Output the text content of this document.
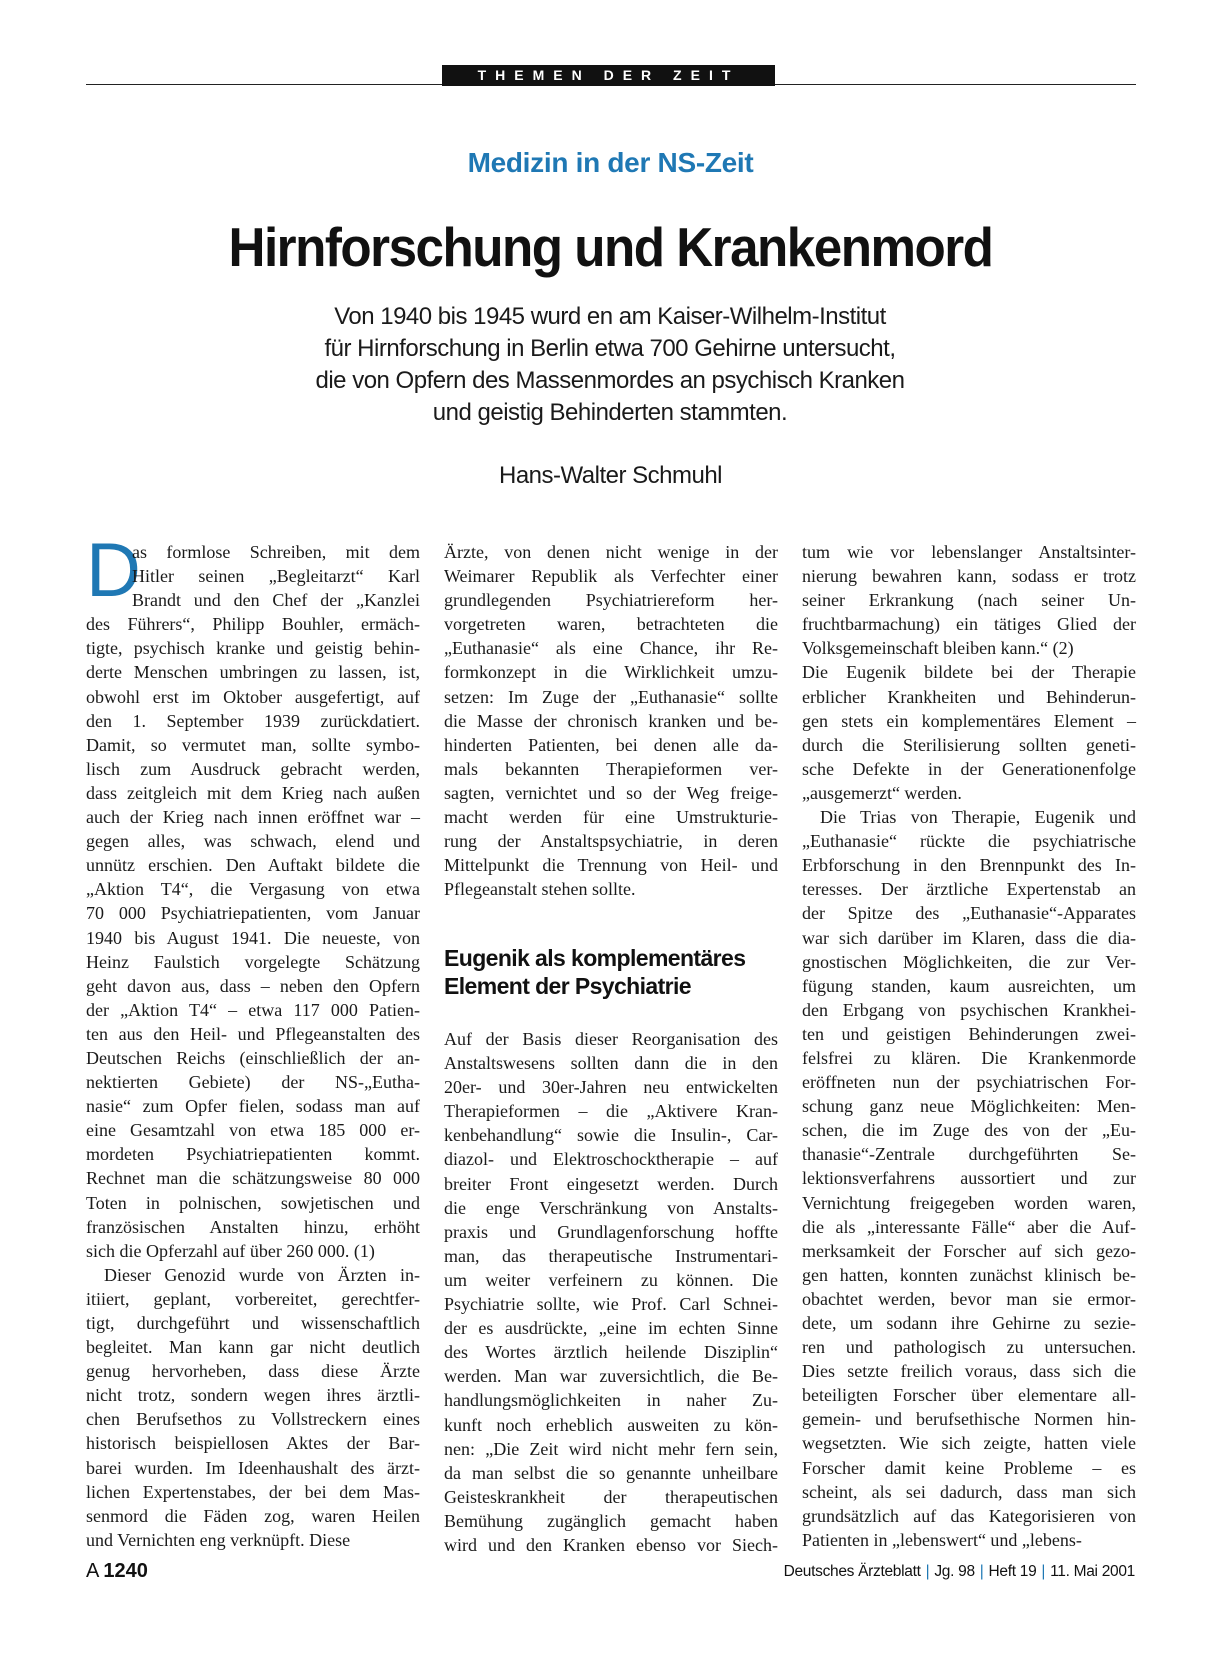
THEMEN DER ZEIT
Medizin in der NS-Zeit
Hirnforschung und Krankenmord
Von 1940 bis 1945 wurd en am Kaiser-Wilhelm-Institut
für Hirnforschung in Berlin etwa 700 Gehirne untersucht,
die von Opfern des Massenmordes an psychisch Kranken
und geistig Behinderten stammten.
Hans-Walter Schmuhl
D
as formlose Schreiben, mit dem
Hitler seinen „Begleitarzt“ Karl
Brandt und den Chef der „Kanzlei
des Führers“, Philipp Bouhler, ermäch-
tigte, psychisch kranke und geistig behin-
derte Menschen umbringen zu lassen, ist,
obwohl erst im Oktober ausgefertigt, auf
den 1. September 1939 zurückdatiert.
Damit, so vermutet man, sollte symbo-
lisch zum Ausdruck gebracht werden,
dass zeitgleich mit dem Krieg nach außen
auch der Krieg nach innen eröffnet war –
gegen alles, was schwach, elend und
unnütz erschien. Den Auftakt bildete die
„Aktion T4“, die Vergasung von etwa
70 000 Psychiatriepatienten, vom Januar
1940 bis August 1941. Die neueste, von
Heinz Faulstich vorgelegte Schätzung
geht davon aus, dass – neben den Opfern
der „Aktion T4“ – etwa 117 000 Patien-
ten aus den Heil- und Pflegeanstalten des
Deutschen Reichs (einschließlich der an-
nektierten Gebiete) der NS-„Eutha-
nasie“ zum Opfer fielen, sodass man auf
eine Gesamtzahl von etwa 185 000 er-
mordeten Psychiatriepatienten kommt.
Rechnet man die schätzungsweise 80 000
Toten in polnischen, sowjetischen und
französischen Anstalten hinzu, erhöht
sich die Opferzahl auf über 260 000. (1)
Dieser Genozid wurde von Ärzten in-
itiiert, geplant, vorbereitet, gerechtfer-
tigt, durchgeführt und wissenschaftlich
begleitet. Man kann gar nicht deutlich
genug hervorheben, dass diese Ärzte
nicht trotz, sondern wegen ihres ärztli-
chen Berufsethos zu Vollstreckern eines
historisch beispiellosen Aktes der Bar-
barei wurden. Im Ideenhaushalt des ärzt-
lichen Expertenstabes, der bei dem Mas-
senmord die Fäden zog, waren Heilen
und Vernichten eng verknüpft. Diese
Ärzte, von denen nicht wenige in der
Weimarer Republik als Verfechter einer
grundlegenden Psychiatriereform her-
vorgetreten waren, betrachteten die
„Euthanasie“ als eine Chance, ihr Re-
formkonzept in die Wirklichkeit umzu-
setzen: Im Zuge der „Euthanasie“ sollte
die Masse der chronisch kranken und be-
hinderten Patienten, bei denen alle da-
mals bekannten Therapieformen ver-
sagten, vernichtet und so der Weg freige-
macht werden für eine Umstrukturie-
rung der Anstaltspsychiatrie, in deren
Mittelpunkt die Trennung von Heil- und
Pflegeanstalt stehen sollte.
Eugenik als komplementäres
Element der Psychiatrie
Auf der Basis dieser Reorganisation des
Anstaltswesens sollten dann die in den
20er- und 30er-Jahren neu entwickelten
Therapieformen – die „Aktivere Kran-
kenbehandlung“ sowie die Insulin-, Car-
diazol- und Elektroschocktherapie – auf
breiter Front eingesetzt werden. Durch
die enge Verschränkung von Anstalts-
praxis und Grundlagenforschung hoffte
man, das therapeutische Instrumentari-
um weiter verfeinern zu können. Die
Psychiatrie sollte, wie Prof. Carl Schnei-
der es ausdrückte, „eine im echten Sinne
des Wortes ärztlich heilende Disziplin“
werden. Man war zuversichtlich, die Be-
handlungsmöglichkeiten in naher Zu-
kunft noch erheblich ausweiten zu kön-
nen: „Die Zeit wird nicht mehr fern sein,
da man selbst die so genannte unheilbare
Geisteskrankheit der therapeutischen
Bemühung zugänglich gemacht haben
wird und den Kranken ebenso vor Siech-
tum wie vor lebenslanger Anstaltsinter-
nierung bewahren kann, sodass er trotz
seiner Erkrankung (nach seiner Un-
fruchtbarmachung) ein tätiges Glied der
Volksgemeinschaft bleiben kann.“ (2)
Die Eugenik bildete bei der Therapie
erblicher Krankheiten und Behinderun-
gen stets ein komplementäres Element –
durch die Sterilisierung sollten geneti-
sche Defekte in der Generationenfolge
„ausgemerzt“ werden.
Die Trias von Therapie, Eugenik und
„Euthanasie“ rückte die psychiatrische
Erbforschung in den Brennpunkt des In-
teresses. Der ärztliche Expertenstab an
der Spitze des „Euthanasie“-Apparates
war sich darüber im Klaren, dass die dia-
gnostischen Möglichkeiten, die zur Ver-
fügung standen, kaum ausreichten, um
den Erbgang von psychischen Krankhei-
ten und geistigen Behinderungen zwei-
felsfrei zu klären. Die Krankenmorde
eröffneten nun der psychiatrischen For-
schung ganz neue Möglichkeiten: Men-
schen, die im Zuge des von der „Eu-
thanasie“-Zentrale durchgeführten Se-
lektionsverfahrens aussortiert und zur
Vernichtung freigegeben worden waren,
die als „interessante Fälle“ aber die Auf-
merksamkeit der Forscher auf sich gezo-
gen hatten, konnten zunächst klinisch be-
obachtet werden, bevor man sie ermor-
dete, um sodann ihre Gehirne zu sezie-
ren und pathologisch zu untersuchen.
Dies setzte freilich voraus, dass sich die
beteiligten Forscher über elementare all-
gemein- und berufsethische Normen hin-
wegsetzten. Wie sich zeigte, hatten viele
Forscher damit keine Probleme – es
scheint, als sei dadurch, dass man sich
grundsätzlich auf das Kategorisieren von
Patienten in „lebenswert“ und „lebens-
A 1240	Deutsches Ärzteblatt | Jg. 98 | Heft 19 | 11. Mai 2001
